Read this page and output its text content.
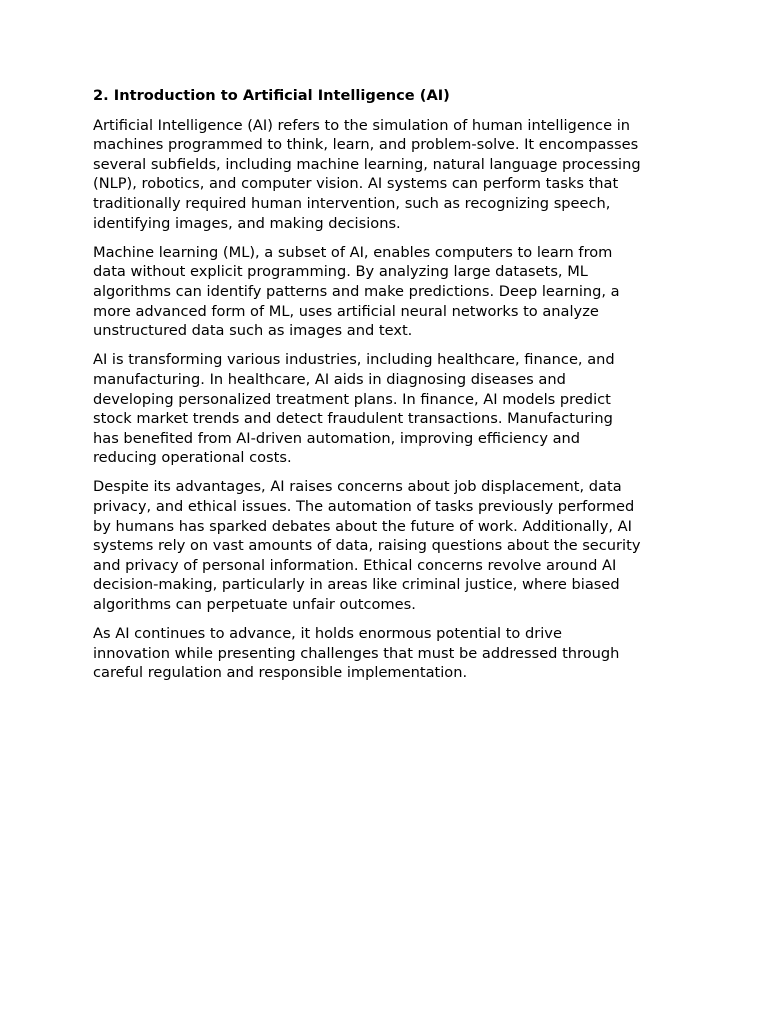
2. Introduction to Artificial Intelligence (AI)

Artificial Intelligence (AI) refers to the simulation of human intelligence in
machines programmed to think, learn, and problem-solve. It encompasses
several subfields, including machine learning, natural language processing
(NLP), robotics, and computer vision. AI systems can perform tasks that
traditionally required human intervention, such as recognizing speech,
identifying images, and making decisions.

Machine learning (ML), a subset of AI, enables computers to learn from
data without explicit programming. By analyzing large datasets, ML
algorithms can identify patterns and make predictions. Deep learning, a
more advanced form of ML, uses artificial neural networks to analyze
unstructured data such as images and text.

AI is transforming various industries, including healthcare, finance, and
manufacturing. In healthcare, AI aids in diagnosing diseases and
developing personalized treatment plans. In finance, AI models predict
stock market trends and detect fraudulent transactions. Manufacturing
has benefited from AI-driven automation, improving efficiency and
reducing operational costs.

Despite its advantages, AI raises concerns about job displacement, data
privacy, and ethical issues. The automation of tasks previously performed
by humans has sparked debates about the future of work. Additionally, AI
systems rely on vast amounts of data, raising questions about the security
and privacy of personal information. Ethical concerns revolve around AI
decision-making, particularly in areas like criminal justice, where biased
algorithms can perpetuate unfair outcomes.

As AI continues to advance, it holds enormous potential to drive
innovation while presenting challenges that must be addressed through
careful regulation and responsible implementation.
